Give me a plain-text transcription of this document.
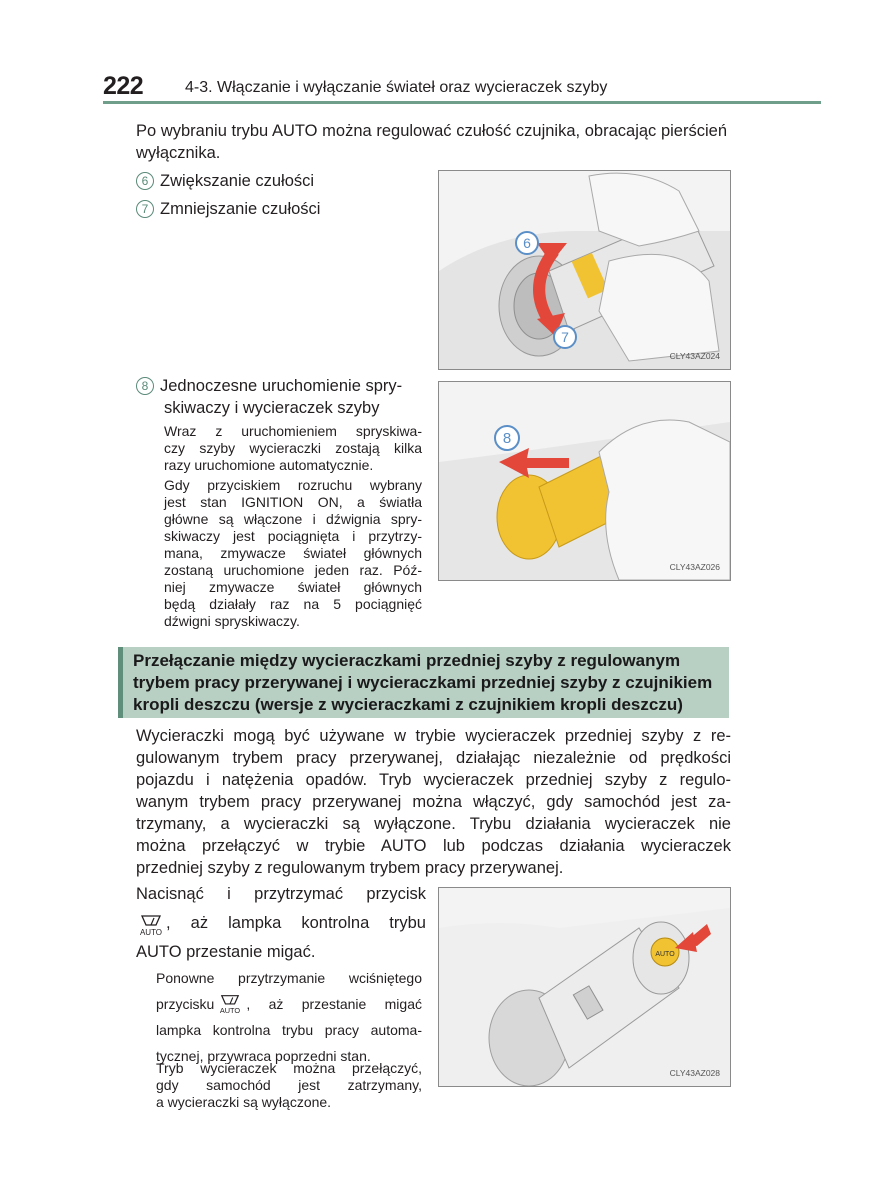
222	4-3. Włączanie i wyłączanie świateł oraz wycieraczek szyby
Po wybraniu trybu AUTO można regulować czułość czujnika, obracając pierścień wyłącznika.
6 Zwiększanie czułości
7 Zmniejszanie czułości
6
7
CLY43AZ024
8 Jednoczesne uruchomienie spry-
skiwaczy i wycieraczek szyby
Wraz z uruchomieniem spryskiwa-
czy szyby wycieraczki zostają kilka
razy uruchomione automatycznie.
Gdy przyciskiem rozruchu wybrany
jest stan IGNITION ON, a światła
główne są włączone i dźwignia spry-
skiwaczy jest pociągnięta i przytrzy-
mana, zmywacze świateł głównych
zostaną uruchomione jeden raz. Póź-
niej zmywacze świateł głównych
będą działały raz na 5 pociągnięć
dźwigni spryskiwaczy.
8
CLY43AZ026
Przełączanie między wycieraczkami przedniej szyby z regulowanym
trybem pracy przerywanej i wycieraczkami przedniej szyby z czujnikiem
kropli deszczu (wersje z wycieraczkami z czujnikiem kropli deszczu)
Wycieraczki mogą być używane w trybie wycieraczek przedniej szyby z re-
gulowanym trybem pracy przerywanej, działając niezależnie od prędkości
pojazdu i natężenia opadów. Tryb wycieraczek przedniej szyby z regulo-
wanym trybem pracy przerywanej można włączyć, gdy samochód jest za-
trzymany, a wycieraczki są wyłączone. Trybu działania wycieraczek nie
można przełączyć w trybie AUTO lub podczas działania wycieraczek
przedniej szyby z regulowanym trybem pracy przerywanej.
Nacisnąć i przytrzymać przycisk
AUTO , aż lampka kontrolna trybu
AUTO przestanie migać.
Ponowne przytrzymanie wciśniętego
przycisku AUTO , aż przestanie migać
lampka kontrolna trybu pracy automa-
tycznej, przywraca poprzedni stan.
Tryb wycieraczek można przełączyć,
gdy samochód jest zatrzymany,
a wycieraczki są wyłączone.
AUTO
CLY43AZ028
